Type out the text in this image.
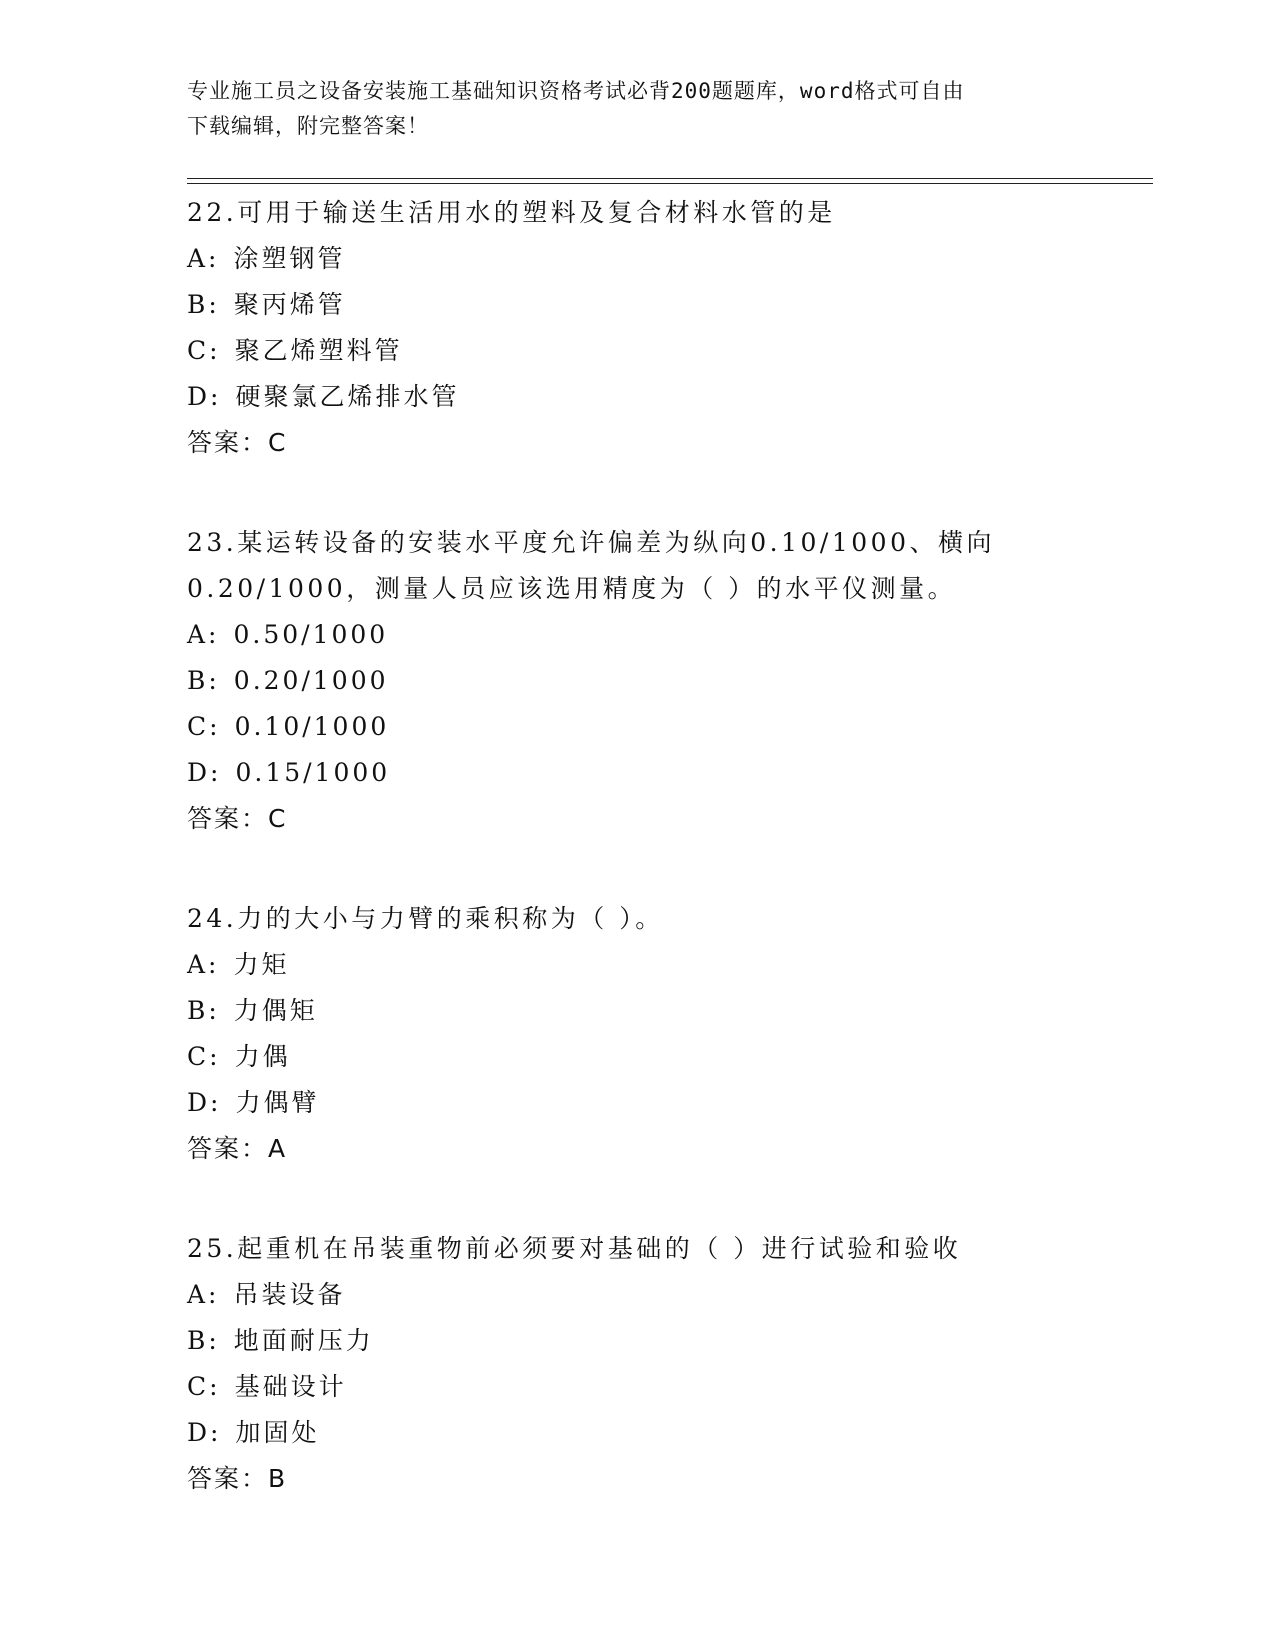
专业施工员之设备安装施工基础知识资格考试必背200题题库，word格式可自由
下载编辑，附完整答案！
22.可用于输送生活用水的塑料及复合材料水管的是
A: 涂塑钢管
B: 聚丙烯管
C: 聚乙烯塑料管
D: 硬聚氯乙烯排水管
答案：C
23.某运转设备的安装水平度允许偏差为纵向0.10/1000、横向
0.20/1000，测量人员应该选用精度为（ ）的水平仪测量。
A: 0.50/1000
B: 0.20/1000
C: 0.10/1000
D: 0.15/1000
答案：C
24.力的大小与力臂的乘积称为（ ）。
A: 力矩
B: 力偶矩
C: 力偶
D: 力偶臂
答案：A
25.起重机在吊装重物前必须要对基础的（ ）进行试验和验收
A: 吊装设备
B: 地面耐压力
C: 基础设计
D: 加固处
答案：B
